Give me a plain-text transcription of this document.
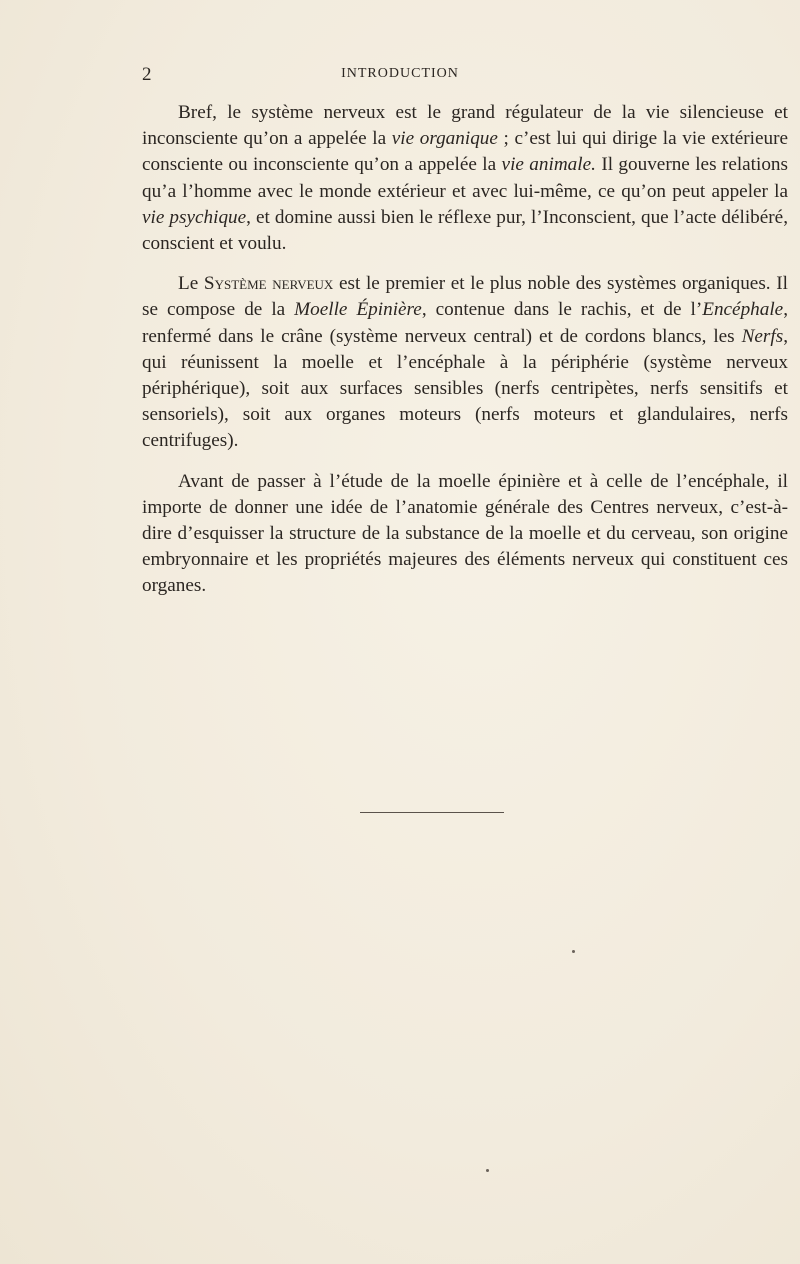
2	INTRODUCTION

Bref, le système nerveux est le grand régulateur de la vie silencieuse et inconsciente qu’on a appelée la vie organique ; c’est lui qui dirige la vie extérieure consciente ou inconsciente qu’on a appelée la vie animale. Il gouverne les relations qu’a l’homme avec le monde extérieur et avec lui-même, ce qu’on peut appeler la vie psychique, et domine aussi bien le réflexe pur, l’Inconscient, que l’acte délibéré, conscient et voulu.

Le Système nerveux est le premier et le plus noble des systèmes organiques. Il se compose de la Moelle Épinière, contenue dans le rachis, et de l’Encéphale, renfermé dans le crâne (système nerveux central) et de cordons blancs, les Nerfs, qui réunissent la moelle et l’encéphale à la périphérie (système nerveux périphérique), soit aux surfaces sensibles (nerfs centripètes, nerfs sensitifs et sensoriels), soit aux organes moteurs (nerfs moteurs et glandulaires, nerfs centrifuges).

Avant de passer à l’étude de la moelle épinière et à celle de l’encéphale, il importe de donner une idée de l’anatomie générale des Centres nerveux, c’est-à-dire d’esquisser la structure de la substance de la moelle et du cerveau, son origine embryonnaire et les propriétés majeures des éléments nerveux qui constituent ces organes.
